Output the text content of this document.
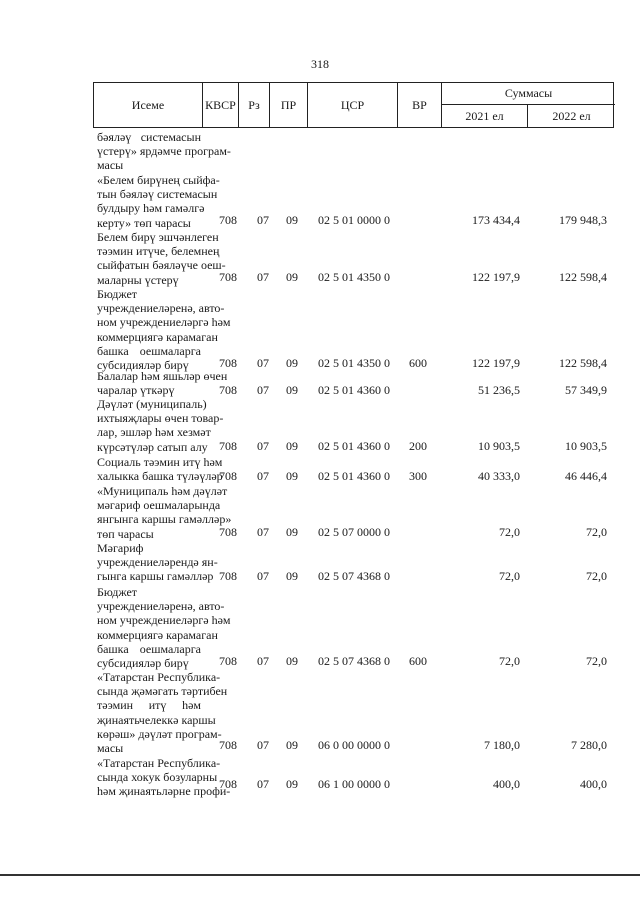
318
Исеме	КВСР	Рз	ПР	ЦСР	ВР
Суммасы
2021 ел	2022 ел
бәяләү системасын
үстерү» ярдәмче програм-
масы
«Белем бирүнең сыйфа-
тын бәяләү системасын
булдыру һәм гамәлгә
керту» төп чарасы	708	07	09	02 5 01 0000 0	173 434,4	179 948,3
Белем бирү эшчәнлеген
тәэмин итүче, белемнең
сыйфатын бәяләүче оеш-
маларны үстерү	708	07	09	02 5 01 4350 0	122 197,9	122 598,4
Бюджет
учреждениеләренә, авто-
ном учреждениеләргә һәм
коммерциягә карамаган
башка оешмаларга
субсидияләр бирү	708	07	09	02 5 01 4350 0	600	122 197,9	122 598,4
Балалар һәм яшьләр өчен
чаралар үткәрү	708	07	09	02 5 01 4360 0	51 236,5	57 349,9
Дәүләт (муниципаль)
ихтыяҗлары өчен товар-
лар, эшләр һәм хезмәт
күрсәтүләр сатып алу 708	07	09	02 5 01 4360 0	200	10 903,5	10 903,5
Социаль тәэмин итү һәм
халыкка башка түләүләр
708	07	09	02 5 01 4360 0	300	40 333,0	46 446,4
«Муниципаль һәм дәүләт
мәгариф оешмаларында
янгынга каршы гамәлләр»
төп чарасы	708	07	09	02 5 07 0000 0	72,0	72,0
Мәгариф
учреждениеләрендә ян-
гынга каршы гамәлләр 708	07	09	02 5 07 4368 0	72,0	72,0
Бюджет
учреждениеләренә, авто-
ном учреждениеләргә һәм
коммерциягә карамаган
башка оешмаларга
субсидияләр бирү	708	07	09	02 5 07 4368 0	600	72,0	72,0
«Татарстан Республика-
сында җәмәгать тәртибен
тәэмин итү һәм
җинаятьчелеккә каршы
көрәш» дәүләт програм-
масы	708	07	09	06 0 00 0000 0	7 180,0	7 280,0
«Татарстан Республика-
сында хокук бозуларны
һәм җинаятьләрне профи-
708	07	09	06 1 00 0000 0	400,0	400,0
